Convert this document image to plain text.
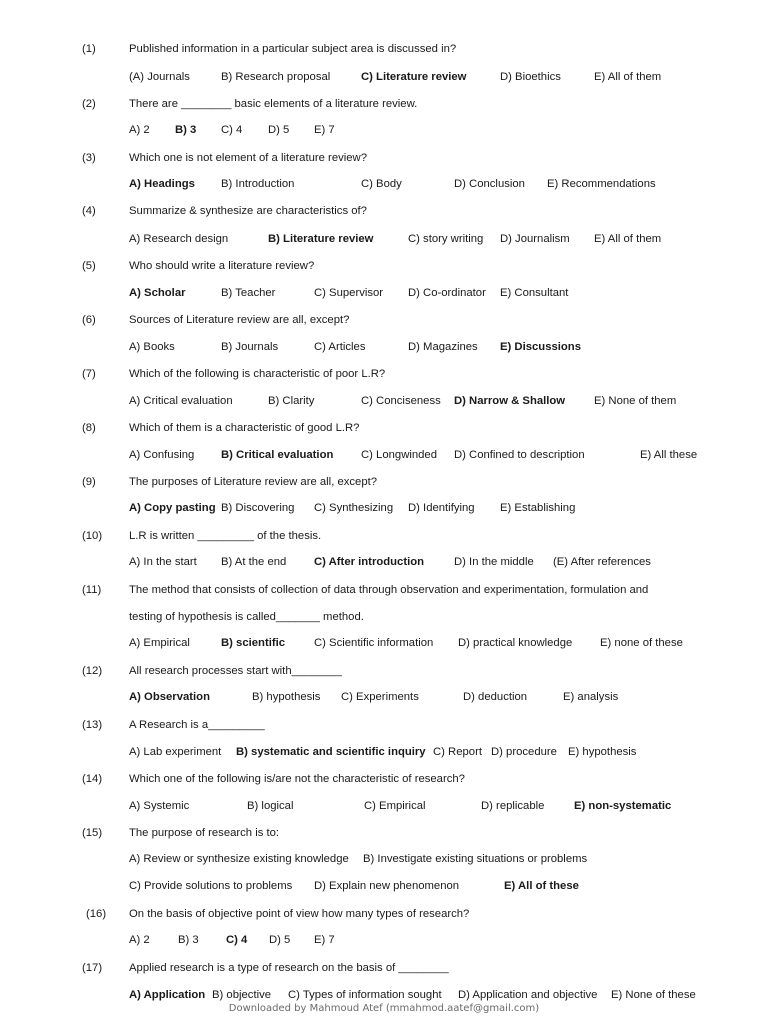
(1)	Published information in a particular subject area is discussed in?
(A) Journals	B) Research proposal	C) Literature review	D) Bioethics	E) All of them
(2)	There are ________ basic elements of a literature review.
A) 2 B) 3 C) 4 D) 5 E) 7
(3)	Which one is not element of a literature review?
A) Headings B) Introduction	C) Body	D) Conclusion E) Recommendations
(4)	Summarize & synthesize are characteristics of?
A) Research design	B) Literature review	C) story writing D) Journalism E) All of them
(5)	Who should write a literature review?
A) Scholar	B) Teacher	C) Supervisor D) Co-ordinator E) Consultant
(6)	Sources of Literature review are all, except?
A) Books	B) Journals	C) Articles	D) Magazines E) Discussions
(7)	Which of the following is characteristic of poor L.R?
A) Critical evaluation	B) Clarity	C) Conciseness D) Narrow & Shallow	E) None of them
(8)	Which of them is a characteristic of good L.R?
A) Confusing B) Critical evaluation C) Longwinded D) Confined to description	E) All these
(9)	The purposes of Literature review are all, except?
A) Copy pasting B) Discovering C) Synthesizing D) Identifying E) Establishing
(10) L.R is written _________ of the thesis.
A) In the start B) At the end C) After introduction	D) In the middle (E) After references
(11) The method that consists of collection of data through observation and experimentation, formulation and
testing of hypothesis is called_______ method.
A) Empirical	B) scientific	C) Scientific information D) practical knowledge E) none of these
(12) All research processes start with________
A) Observation	B) hypothesis C) Experiments	D) deduction	E) analysis
(13) A Research is a_________
A) Lab experiment B) systematic and scientific inquiry C) Report D) procedure E) hypothesis
(14) Which one of the following is/are not the characteristic of research?
A) Systemic	B) logical	C) Empirical	D) replicable	E) non-systematic
(15) The purpose of research is to:
A) Review or synthesize existing knowledge B) Investigate existing situations or problems
C) Provide solutions to problems D) Explain new phenomenon	E) All of these
(16) On the basis of objective point of view how many types of research?
A) 2	B) 3 C) 4 D) 5 E) 7
(17) Applied research is a type of research on the basis of ________
A) Application B) objective C) Types of information sought D) Application and objective E) None of these
Downloaded by Mahmoud Atef (mmahmod.aatef@gmail.com)
